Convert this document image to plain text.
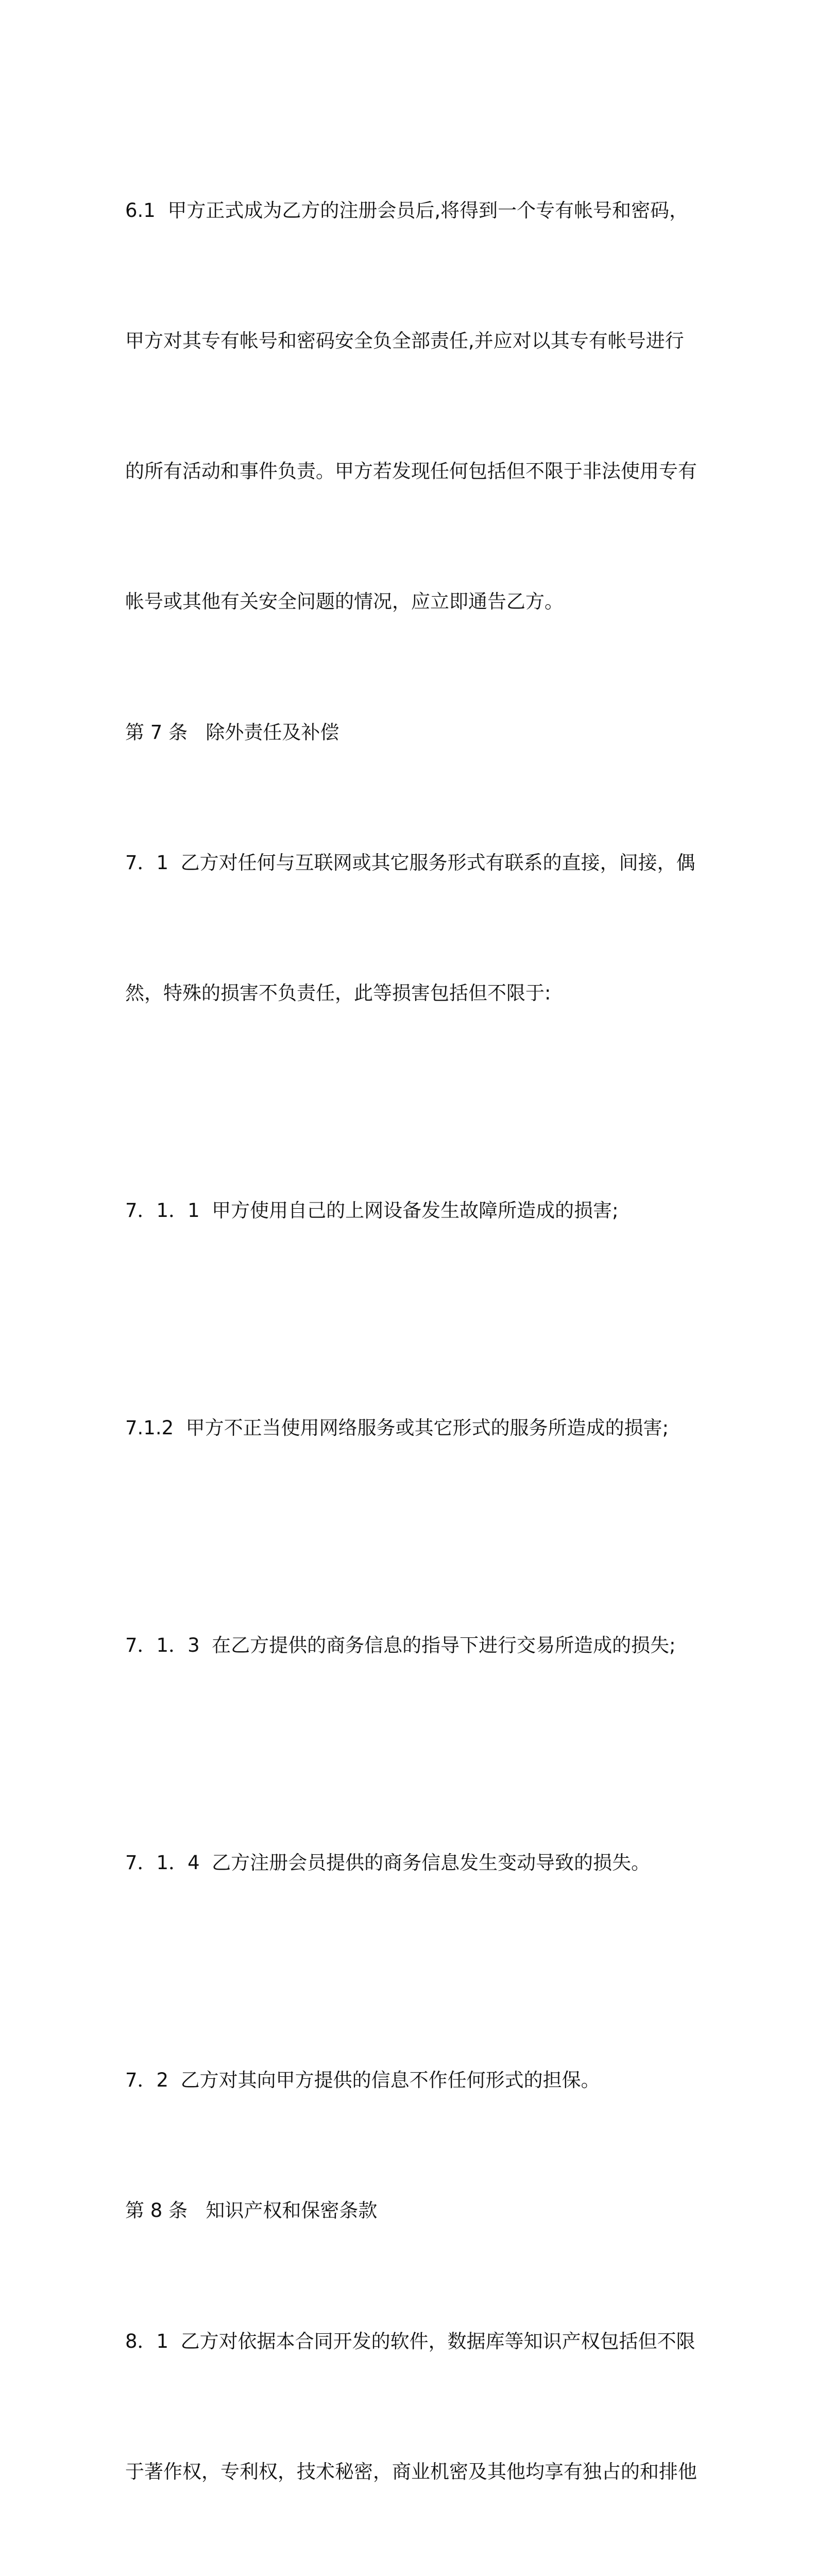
6.1  甲方正式成为乙方的注册会员后,将得到一个专有帐号和密码，

甲方对其专有帐号和密码安全负全部责任,并应对以其专有帐号进行

的所有活动和事件负责。甲方若发现任何包括但不限于非法使用专有

帐号或其他有关安全问题的情况，应立即通告乙方。

第 7 条   除外责任及补偿

7．1  乙方对任何与互联网或其它服务形式有联系的直接，间接，偶

然，特殊的损害不负责任，此等损害包括但不限于:

7．1．1  甲方使用自己的上网设备发生故障所造成的损害;

7.1.2  甲方不正当使用网络服务或其它形式的服务所造成的损害;

7．1．3  在乙方提供的商务信息的指导下进行交易所造成的损失;

7．1．4  乙方注册会员提供的商务信息发生变动导致的损失。

7．2  乙方对其向甲方提供的信息不作任何形式的担保。

第 8 条   知识产权和保密条款

8．1  乙方对依据本合同开发的软件，数据库等知识产权包括但不限

于著作权，专利权，技术秘密，商业机密及其他均享有独占的和排他
